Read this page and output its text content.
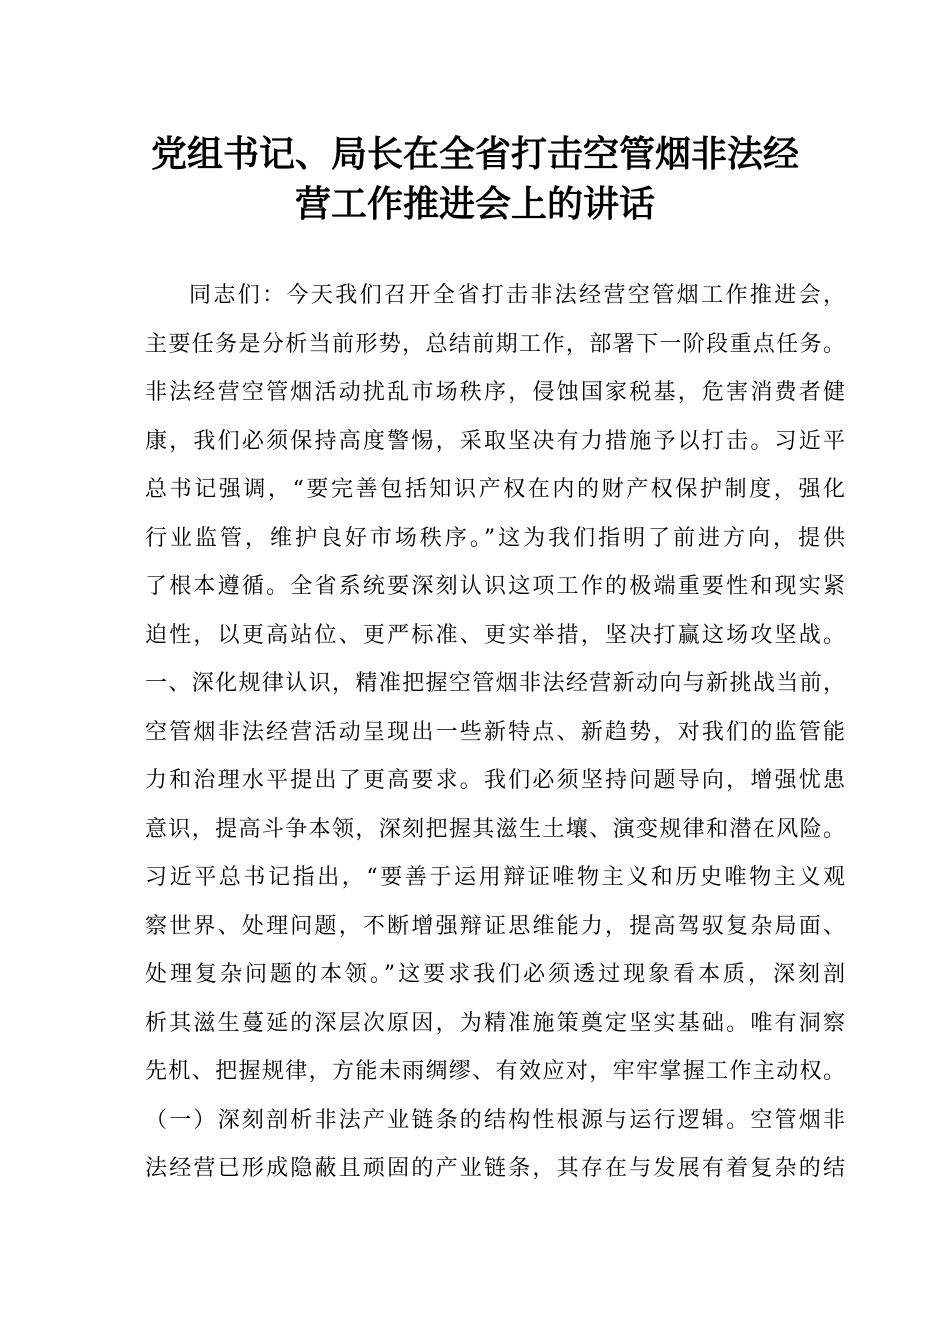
党组书记、局长在全省打击空管烟非法经
营工作推进会上的讲话
同志们：今天我们召开全省打击非法经营空管烟工作推进会，
主要任务是分析当前形势，总结前期工作，部署下一阶段重点任务。
非法经营空管烟活动扰乱市场秩序，侵蚀国家税基，危害消费者健
康，我们必须保持高度警惕，采取坚决有力措施予以打击。习近平
总书记强调，“要完善包括知识产权在内的财产权保护制度，强化
行业监管，维护良好市场秩序。”这为我们指明了前进方向，提供
了根本遵循。全省系统要深刻认识这项工作的极端重要性和现实紧
迫性，以更高站位、更严标准、更实举措，坚决打赢这场攻坚战。
一、深化规律认识，精准把握空管烟非法经营新动向与新挑战当前，
空管烟非法经营活动呈现出一些新特点、新趋势，对我们的监管能
力和治理水平提出了更高要求。我们必须坚持问题导向，增强忧患
意识，提高斗争本领，深刻把握其滋生土壤、演变规律和潜在风险。
习近平总书记指出，“要善于运用辩证唯物主义和历史唯物主义观
察世界、处理问题，不断增强辩证思维能力，提高驾驭复杂局面、
处理复杂问题的本领。”这要求我们必须透过现象看本质，深刻剖
析其滋生蔓延的深层次原因，为精准施策奠定坚实基础。唯有洞察
先机、把握规律，方能未雨绸缪、有效应对，牢牢掌握工作主动权。
（一）深刻剖析非法产业链条的结构性根源与运行逻辑。空管烟非
法经营已形成隐蔽且顽固的产业链条，其存在与发展有着复杂的结
